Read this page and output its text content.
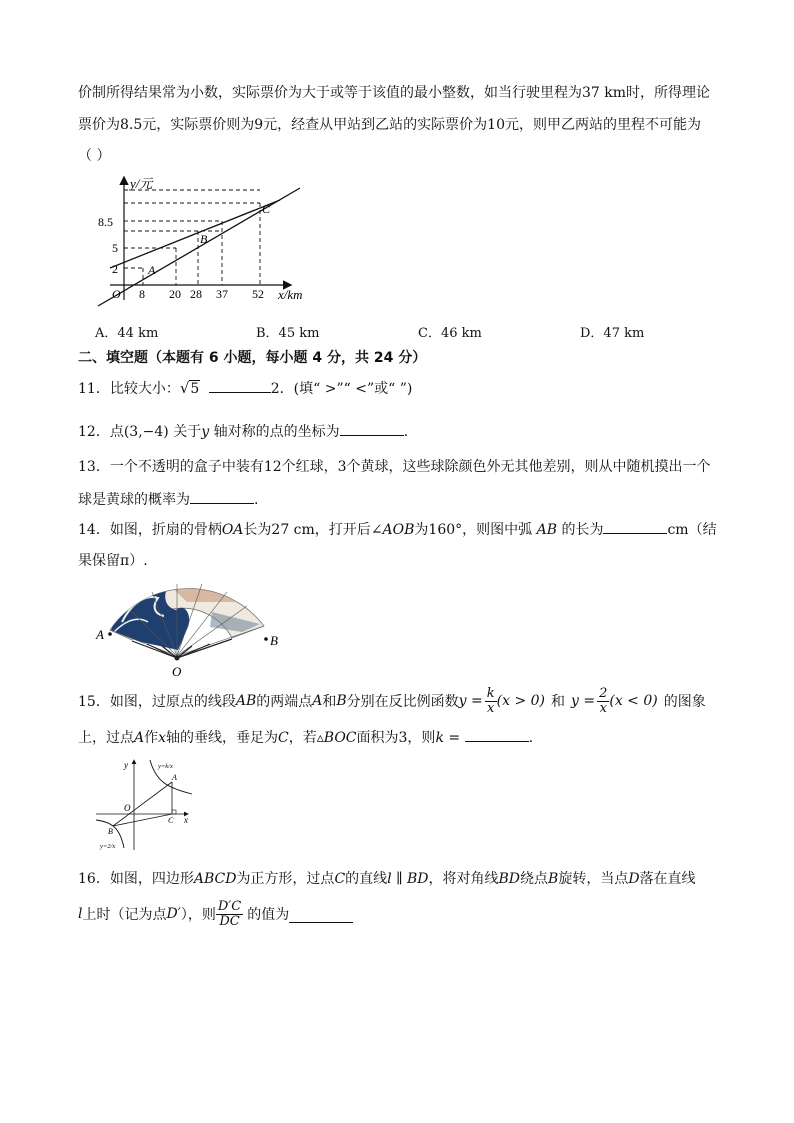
价制所得结果常为小数，实际票价为大于或等于该值的最小整数，如当行驶里程为37 km时，所得理论
票价为8.5元，实际票价则为9元，经查从甲站到乙站的实际票价为10元，则甲乙两站的里程不可能为
（ ）
y/元
x/km
8.5
5
2
O 8 20 28 37 52
A
B
C
A．44 km	B．45 km	C．46 km	D．47 km
二、填空题（本题有 6 小题，每小题 4 分，共 24 分）
11．比较大小：√5	2．(填“ >”“ <”或“ ”)
12．点(3,−4) 关于y 轴对称的点的坐标为	.
13．一个不透明的盒子中装有12个红球，3个黄球，这些球除颜色外无其他差别，则从中随机摸出一个
球是黄球的概率为	.
14．如图，折扇的骨柄OA长为27 cm，打开后∠AOB为160°，则图中弧 AB 的长为	cm（结
果保留π）.
A	B
O
15． 如图，过原点的线段 AB 的两端点 A 和 B 分别在反比例函数 $y = \frac{k}{x} (x > 0)$ 和 $y = \frac{2}{x} (x < 0)$ 的图象
上，过点A作x轴的垂线，垂足为C，若▵BOC面积为3，则k =	.
y
x
O
A
B
C
y=k/x
y=2/x
16．如图，四边形ABCD为正方形，过点C的直线l ∥ BD，将对角线BD绕点B旋转，当点D落在直线
l 上时（记为点 D′ ），则 $\frac{D'C}{DC}$ 的值为
